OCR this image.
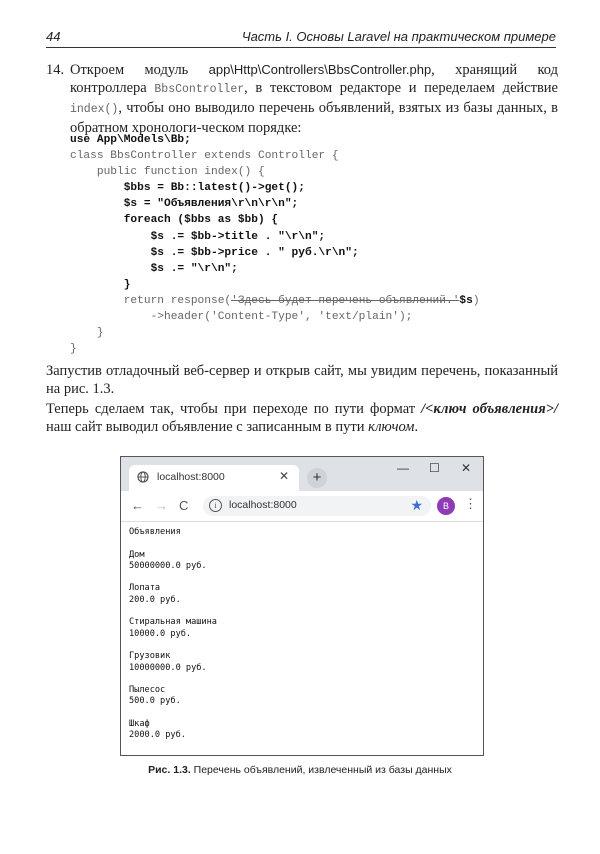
44	Часть I. Основы Laravel на практическом примере
14. Откроем модуль app\Http\Controllers\BbsController.php, хранящий код контроллера BbsController, в текстовом редакторе и переделаем действие index(), чтобы оно выводило перечень объявлений, взятых из базы данных, в обратном хронологи-ческом порядке:
use App\Models\Bb;
class BbsController extends Controller {
public function index() {
$bbs = Bb::latest()->get();
$s = "Объявления\r\n\r\n";
foreach ($bbs as $bb) {
$s .= $bb->title . "\r\n";
$s .= $bb->price . " руб.\r\n";
$s .= "\r\n";
}
return response('Здесь будет перечень объявлений.'$s)
->header('Content-Type', 'text/plain');
}
}
Запустив отладочный веб-сервер и открыв сайт, мы увидим перечень, показанный на рис. 1.3.
Теперь сделаем так, чтобы при переходе по пути формат /<ключ объявления>/ наш сайт выводил объявление с записанным в пути ключом.
localhost:8000	✕	+
— ☐ ✕
← → C	i	localhost:8000	★	B	⋮
Объявления

Дом
50000000.0 руб.

Лопата
200.0 руб.

Стиральная машина
10000.0 руб.

Грузовик
10000000.0 руб.

Пылесос
500.0 руб.

Шкаф
2000.0 руб.
Рис. 1.3. Перечень объявлений, извлеченный из базы данных
